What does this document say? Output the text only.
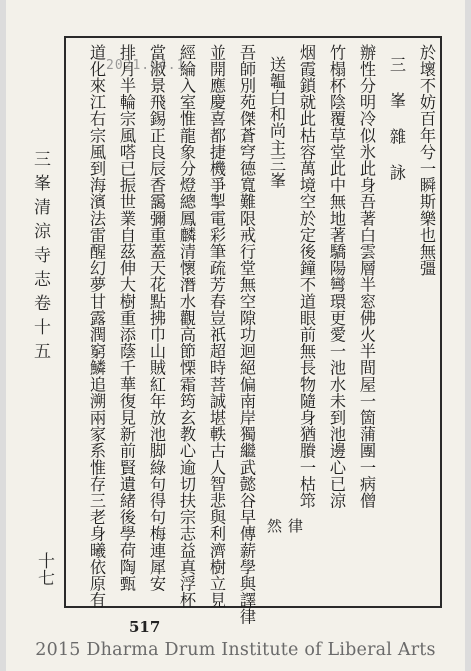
2021.04.1	於壞不妨百年兮一瞬斯樂也無彊
三 峯 雜 詠
辦性分明冷似氷此身吾著白雲層半窓佛火半間屋一箇蒲團一病僧
竹榻杯陰覆草堂此中無地著驕陽彎環更愛一池水未到池邊心已涼
烟霞鎖就此枯容萬境空於定後鐘不道眼前無長物隨身猶賸一枯筇
送韞白和尚主三峯
吾師別苑傑蒼穹德寬難限戒行堂無空隙功迴絕偏南岸獨繼武懿谷早傳薪學與譯律
並開應慶喜都捷機爭掣電彩筆疏芳春豈祇超時菩誠堪軼古人智悲與利濟樹立見
經綸入室惟龍象分燈總鳳麟清懷潛水觀高節慄霜筠玄教心逾切扶宗志益真浮杯
當淑景飛錫正良辰香靄彌重蓋天花點拂巾山賊紅年放池脚綠句得句梅連犀安
排月半輪宗風嗒已振世業自茲伸大樹重添蔭千華復見新前賢遺緒後學荷陶甄
道化來江右宗風到海濱法雷醒幻夢甘露潤窮鱗追溯兩家系惟存三老身曦依原有	律 然
三峯清涼寺志卷十五
十七
517
2015 Dharma Drum Institute of Liberal Arts
